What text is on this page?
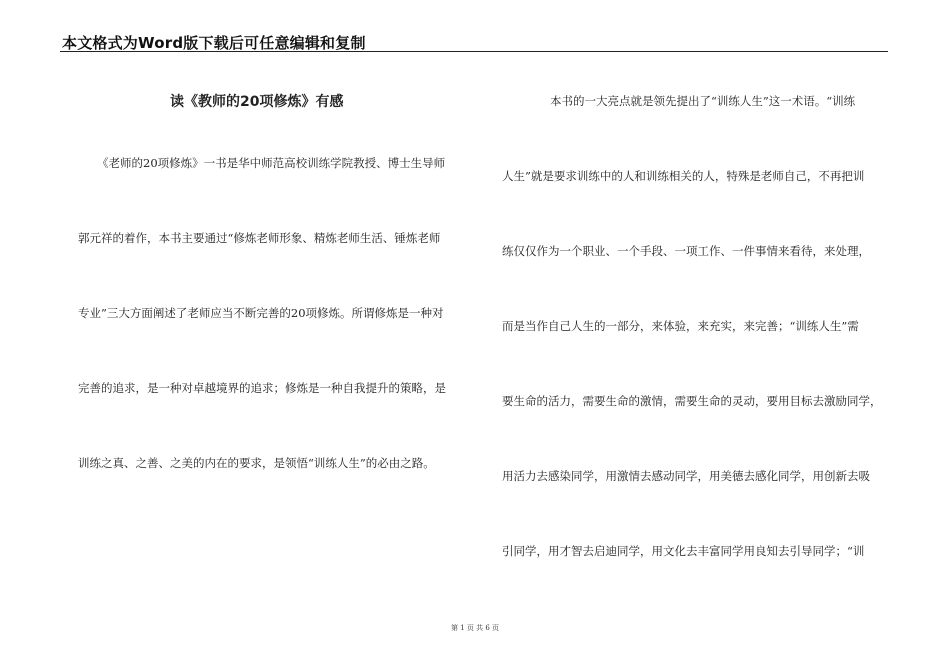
本文格式为Word版下载后可任意编辑和复制
读《教师的20项修炼》有感
《老师的20项修炼》一书是华中师范高校训练学院教授、博士生导师
郭元祥的着作，本书主要通过“修炼老师形象、精炼老师生活、锤炼老师
专业”三大方面阐述了老师应当不断完善的20项修炼。所谓修炼是一种对
完善的追求，是一种对卓越境界的追求；修炼是一种自我提升的策略，是
训练之真、之善、之美的内在的要求，是领悟“训练人生”的必由之路。
本书的一大亮点就是领先提出了“训练人生”这一术语。“训练
人生”就是要求训练中的人和训练相关的人，特殊是老师自己，不再把训
练仅仅作为一个职业、一个手段、一项工作、一件事情来看待，来处理，
而是当作自己人生的一部分，来体验，来充实，来完善；“训练人生”需
要生命的活力，需要生命的激情，需要生命的灵动，要用目标去激励同学，
用活力去感染同学，用激情去感动同学，用美德去感化同学，用创新去吸
引同学，用才智去启迪同学，用文化去丰富同学用良知去引导同学；“训
第 1 页 共 6 页
